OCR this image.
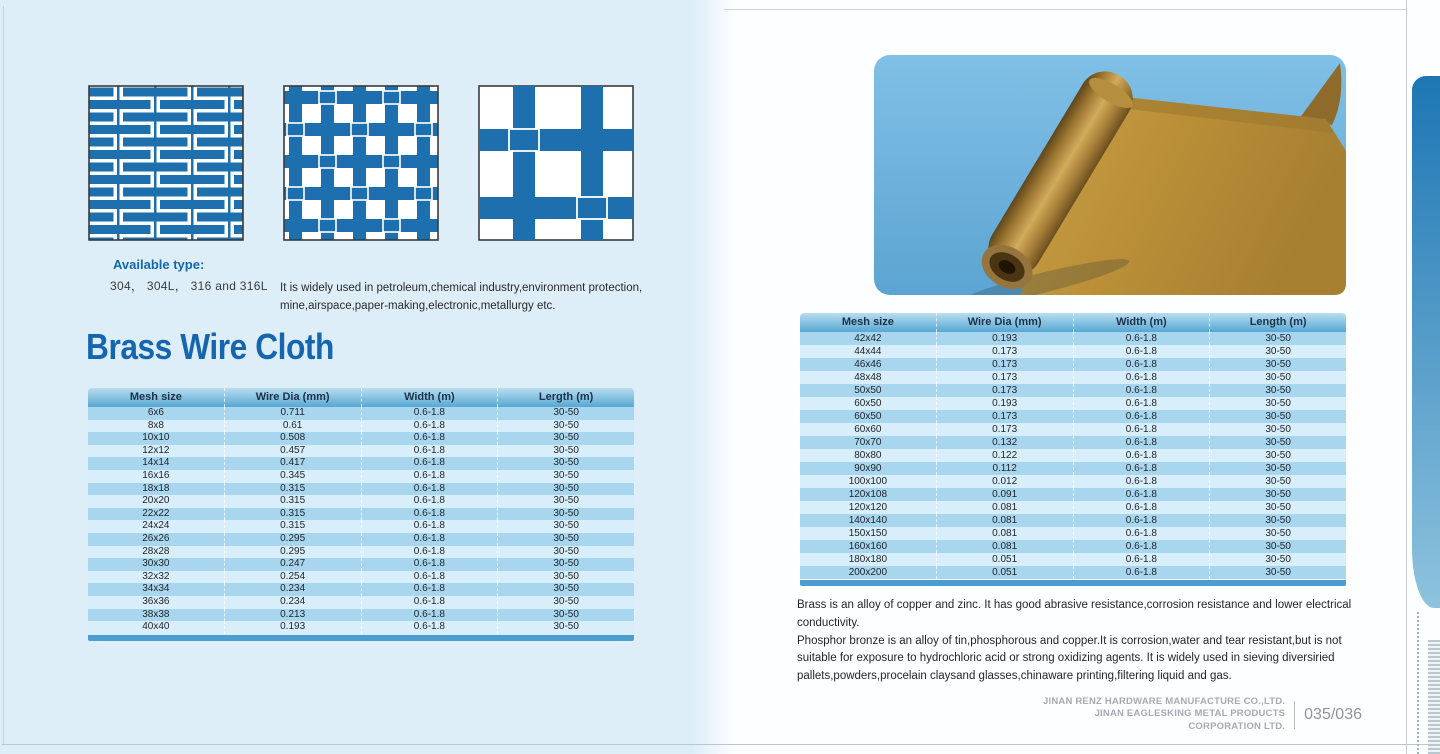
Available type:
304， 304L， 316 and 316L It is widely used in petroleum,chemical industry,environment protection, mine,airspace,paper-making,electronic,metallurgy etc.
Brass Wire Cloth
Mesh size	Wire Dia (mm)	Width (m)	Lergth (m)
6x6	0.711	0.6-1.8	30-50
8x8	0.61	0.6-1.8	30-50
10x10	0.508	0.6-1.8	30-50
12x12	0.457	0.6-1.8	30-50
14x14	0.417	0.6-1.8	30-50
16x16	0.345	0.6-1.8	30-50
18x18	0.315	0.6-1.8	30-50
20x20	0.315	0.6-1.8	30-50
22x22	0.315	0.6-1.8	30-50
24x24	0.315	0.6-1.8	30-50
26x26	0.295	0.6-1.8	30-50
28x28	0.295	0.6-1.8	30-50
30x30	0.247	0.6-1.8	30-50
32x32	0.254	0.6-1.8	30-50
34x34	0.234	0.6-1.8	30-50
36x36	0.234	0.6-1.8	30-50
38x38	0.213	0.6-1.8	30-50
40x40	0.193	0.6-1.8	30-50
Mesh size	Wire Dia (mm)	Width (m)	Length (m)
42x42	0.193	0.6-1.8	30-50
44x44	0.173	0.6-1.8	30-50
46x46	0.173	0.6-1.8	30-50
48x48	0.173	0.6-1.8	30-50
50x50	0.173	0.6-1.8	30-50
60x50	0.193	0.6-1.8	30-50
60x50	0.173	0.6-1.8	30-50
60x60	0.173	0.6-1.8	30-50
70x70	0.132	0.6-1.8	30-50
80x80	0.122	0.6-1.8	30-50
90x90	0.112	0.6-1.8	30-50
100x100	0.012	0.6-1.8	30-50
120x108	0.091	0.6-1.8	30-50
120x120	0.081	0.6-1.8	30-50
140x140	0.081	0.6-1.8	30-50
150x150	0.081	0.6-1.8	30-50
160x160	0.081	0.6-1.8	30-50
180x180	0.051	0.6-1.8	30-50
200x200	0.051	0.6-1.8	30-50

Brass is an alloy of copper and zinc. It has good abrasive resistance,corrosion resistance and lower electrical conductivity.

Phosphor bronze is an alloy of tin,phosphorous and copper.It is corrosion,water and tear resistant,but is not suitable for exposure to hydrochloric acid or strong oxidizing agents. It is widely used in sieving diversiried pallets,powders,procelain claysand glasses,chinaware printing,filtering liquid and gas.

JINAN RENZ HARDWARE MANUFACTURE CO.,LTD.
JINAN EAGLESKING METAL PRODUCTS CORPORATION LTD.
035/036
